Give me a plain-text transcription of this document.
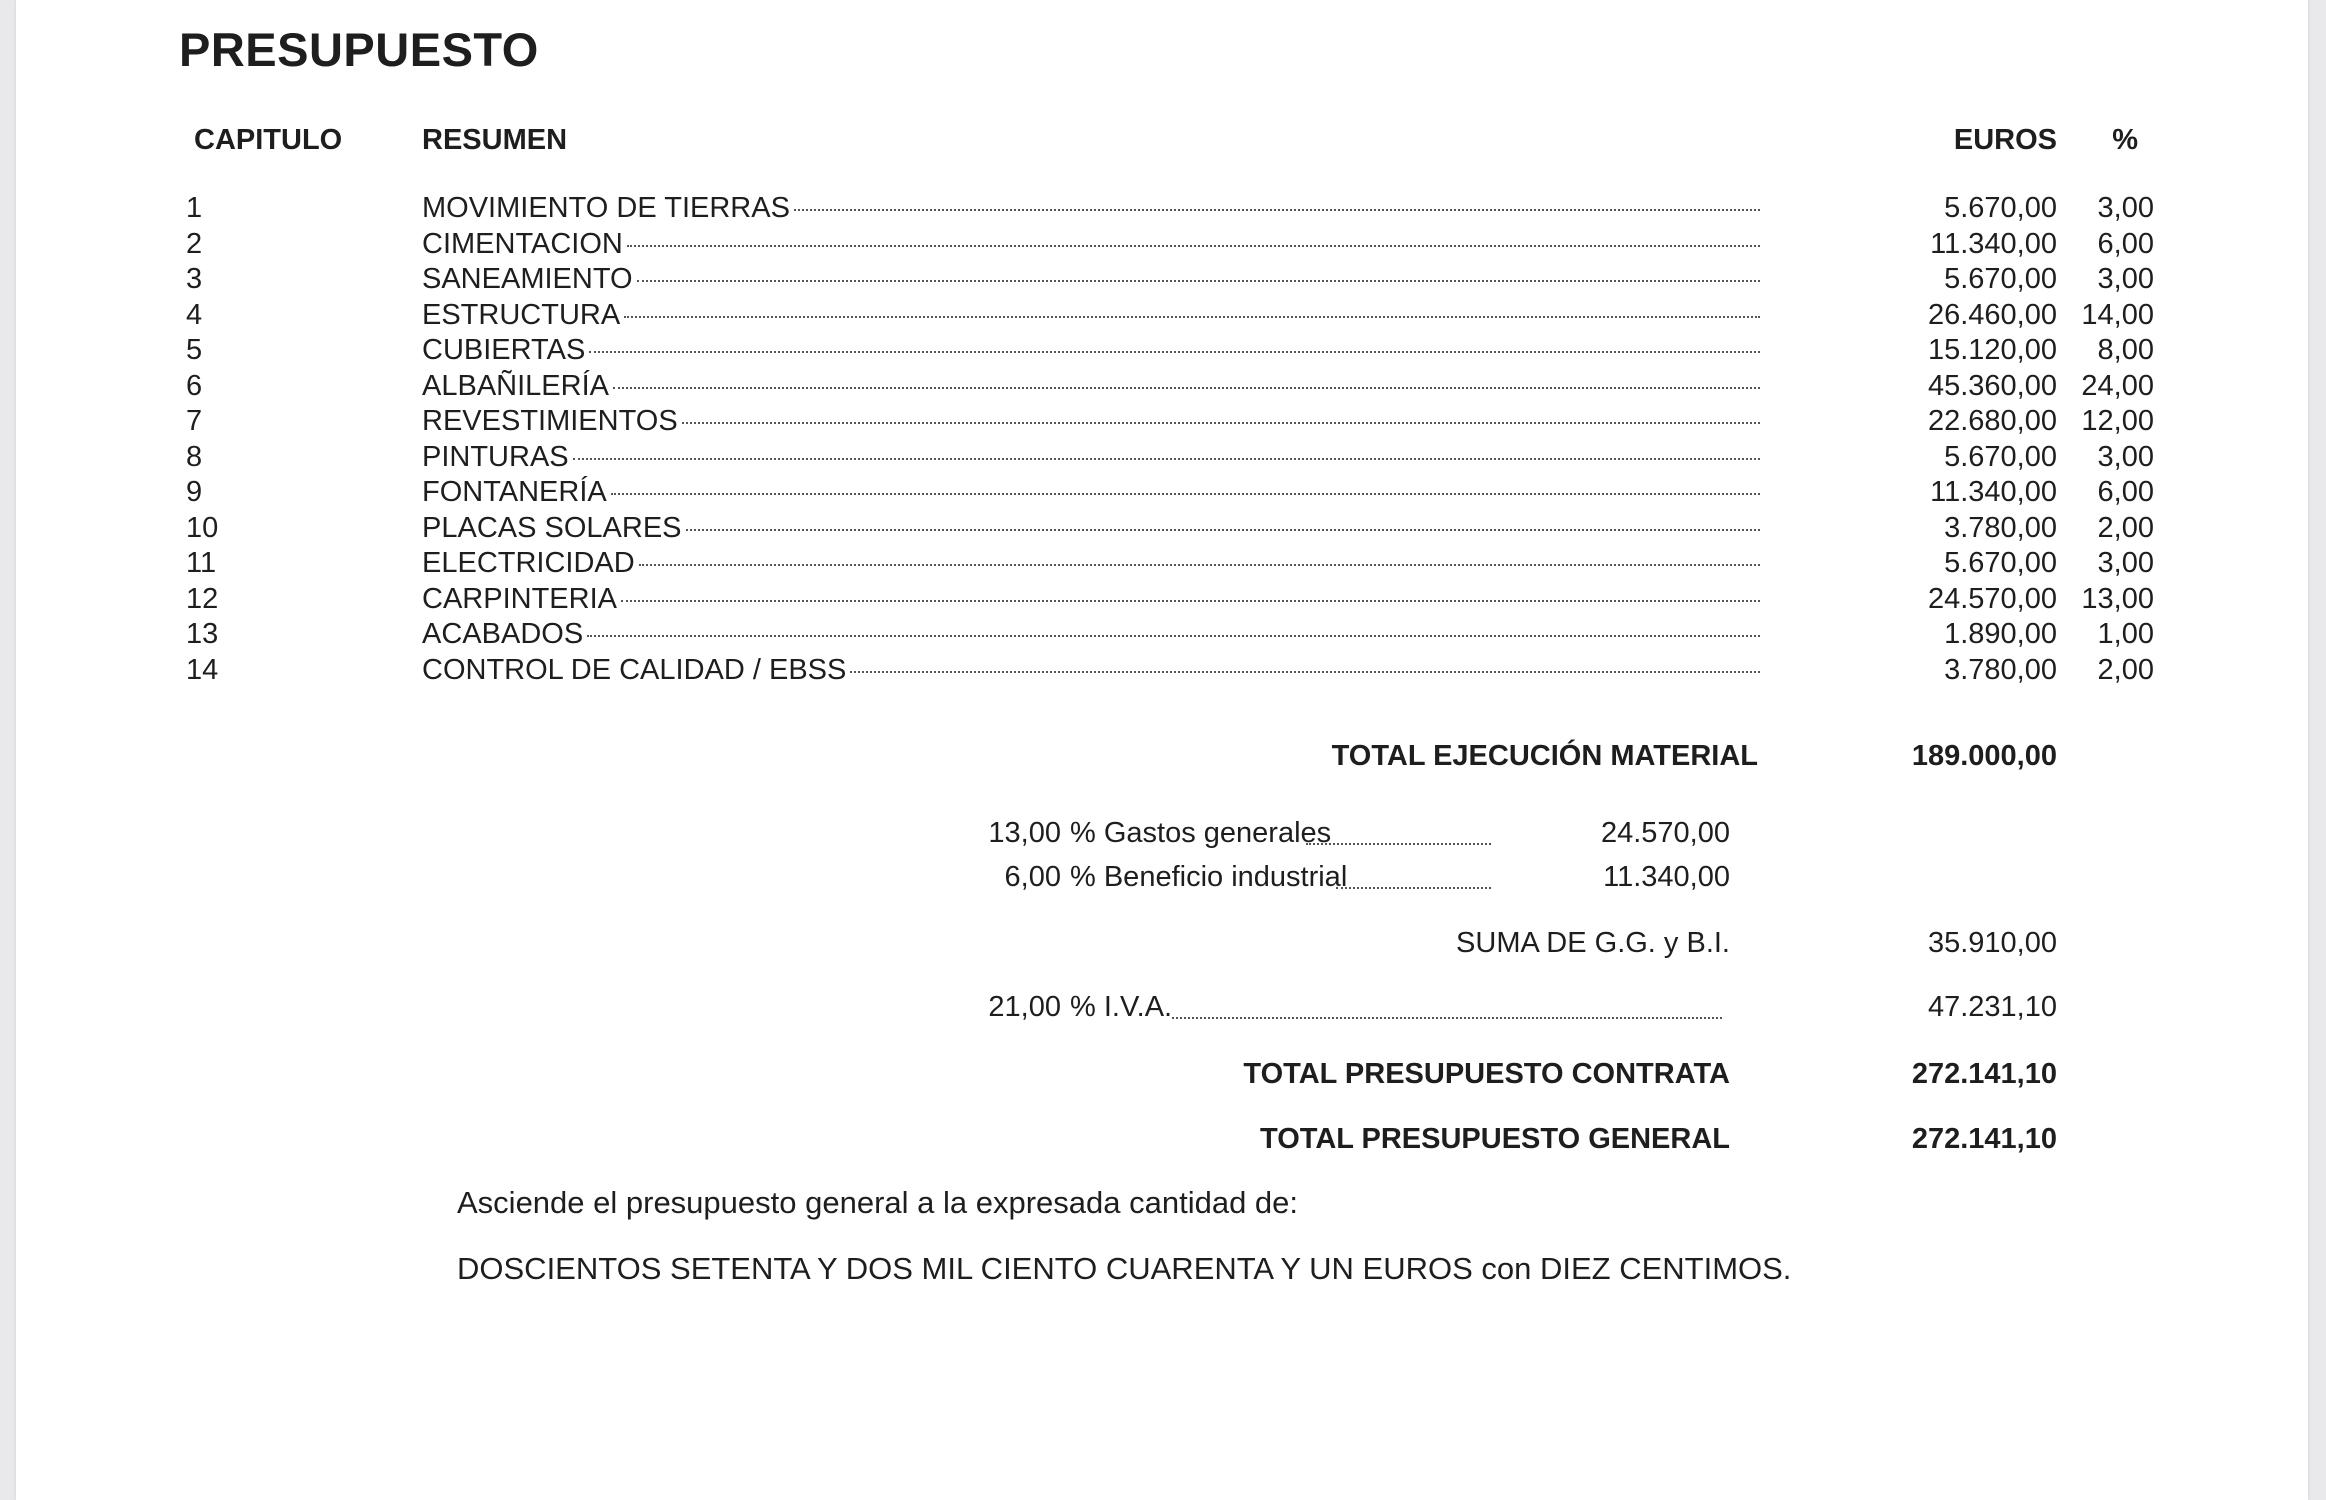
PRESUPUESTO
CAPITULO	RESUMEN	EUROS %
1	MOVIMIENTO DE TIERRAS	5.670,00 3,00
2	CIMENTACION	11.340,00 6,00
3	SANEAMIENTO	5.670,00 3,00
4	ESTRUCTURA	26.460,00 14,00
5	CUBIERTAS	15.120,00 8,00
6	ALBAÑILERÍA	45.360,00 24,00
7	REVESTIMIENTOS	22.680,00 12,00
8	PINTURAS	5.670,00 3,00
9	FONTANERÍA	11.340,00 6,00
10	PLACAS SOLARES	3.780,00 2,00
11	ELECTRICIDAD	5.670,00 3,00
12	CARPINTERIA	24.570,00 13,00
13	ACABADOS	1.890,00 1,00
14	CONTROL DE CALIDAD / EBSS	3.780,00 2,00
TOTAL EJECUCIÓN MATERIAL	189.000,00
13,00 % Gastos generales	24.570,00
6,00 % Beneficio industrial	11.340,00
SUMA DE G.G. y B.I.	35.910,00
21,00 % I.V.A.	47.231,10
TOTAL PRESUPUESTO CONTRATA	272.141,10
TOTAL PRESUPUESTO GENERAL	272.141,10
Asciende el presupuesto general a la expresada cantidad de:
DOSCIENTOS SETENTA Y DOS MIL CIENTO CUARENTA Y UN EUROS con DIEZ CENTIMOS.
